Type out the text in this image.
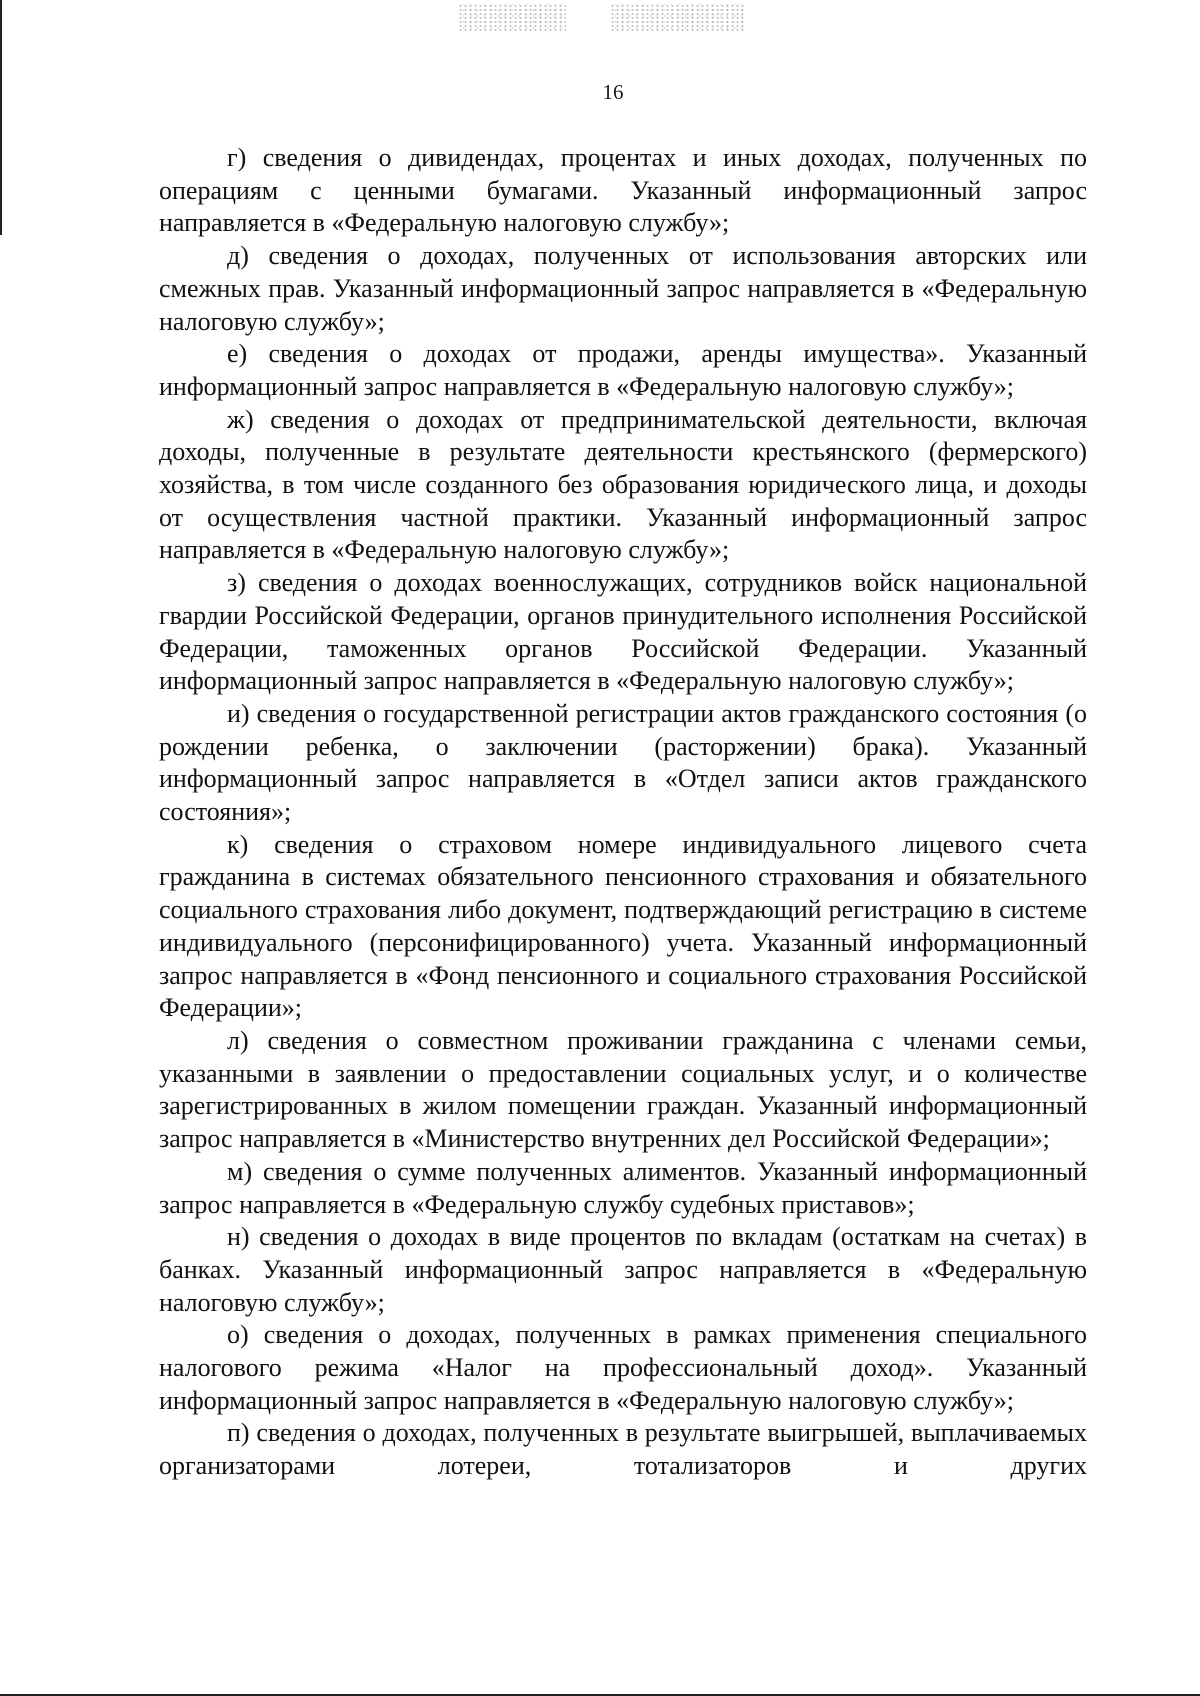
16

г) сведения о дивидендах, процентах и иных доходах, полученных по операциям с ценными бумагами. Указанный информационный запрос направляется в «Федеральную налоговую службу»;

д) сведения о доходах, полученных от использования авторских или смежных прав. Указанный информационный запрос направляется в «Федеральную налоговую службу»;

е) сведения о доходах от продажи, аренды имущества». Указанный информационный запрос направляется в «Федеральную налоговую службу»;

ж) сведения о доходах от предпринимательской деятельности, включая доходы, полученные в результате деятельности крестьянского (фермерского) хозяйства, в том числе созданного без образования юридического лица, и доходы от осуществления частной практики. Указанный информационный запрос направляется в «Федеральную налоговую службу»;

з) сведения о доходах военнослужащих, сотрудников войск национальной гвардии Российской Федерации, органов принудительного исполнения Российской Федерации, таможенных органов Российской Федерации. Указанный информационный запрос направляется в «Федеральную налоговую службу»;

и) сведения о государственной регистрации актов гражданского состояния (о рождении ребенка, о заключении (расторжении) брака). Указанный информационный запрос направляется в «Отдел записи актов гражданского состояния»;

к) сведения о страховом номере индивидуального лицевого счета гражданина в системах обязательного пенсионного страхования и обязательного социального страхования либо документ, подтверждающий регистрацию в системе индивидуального (персонифицированного) учета. Указанный информационный запрос направляется в «Фонд пенсионного и социального страхования Российской Федерации»;

л) сведения о совместном проживании гражданина с членами семьи, указанными в заявлении о предоставлении социальных услуг, и о количестве зарегистрированных в жилом помещении граждан. Указанный информационный запрос направляется в «Министерство внутренних дел Российской Федерации»;

м) сведения о сумме полученных алиментов. Указанный информационный запрос направляется в «Федеральную службу судебных приставов»;

н) сведения о доходах в виде процентов по вкладам (остаткам на счетах) в банках. Указанный информационный запрос направляется в «Федеральную налоговую службу»;

о) сведения о доходах, полученных в рамках применения специального налогового режима «Налог на профессиональный доход». Указанный информационный запрос направляется в «Федеральную налоговую службу»;

п) сведения о доходах, полученных в результате выигрышей, выплачиваемых организаторами лотереи, тотализаторов и других
